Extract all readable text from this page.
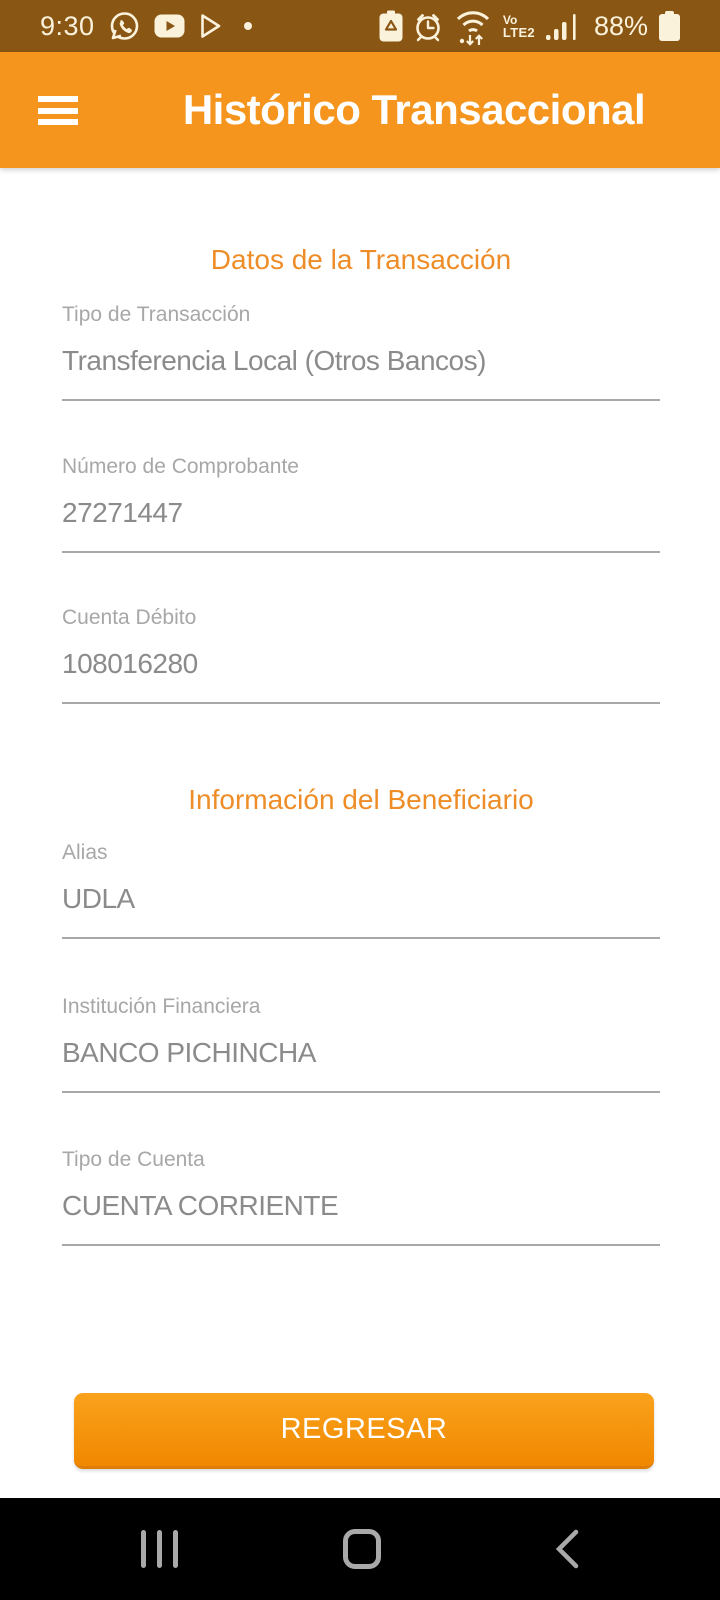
9:30	Vo
LTE2 88%
Histórico Transaccional
Datos de la Transacción
Tipo de Transacción
Transferencia Local (Otros Bancos)
Número de Comprobante
27271447
Cuenta Débito
108016280
Información del Beneficiario
Alias
UDLA
Institución Financiera
BANCO PICHINCHA
Tipo de Cuenta
CUENTA CORRIENTE
REGRESAR
